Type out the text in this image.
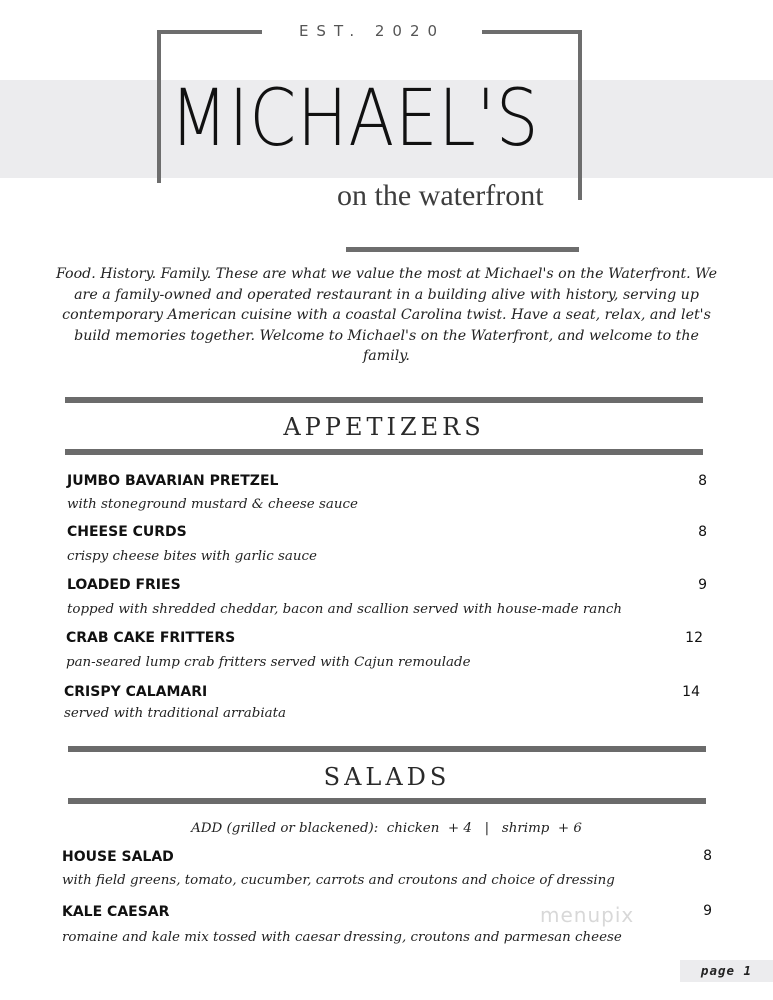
EST. 2020
MICHAEL'S
on the waterfront
Food. History. Family. These are what we value the most at Michael's on the Waterfront. We are a family-owned and operated restaurant in a building alive with history, serving up contemporary American cuisine with a coastal Carolina twist. Have a seat, relax, and let's build memories together. Welcome to Michael's on the Waterfront, and welcome to the family.
APPETIZERS
JUMBO BAVARIAN PRETZEL	8
with stoneground mustard & cheese sauce
CHEESE CURDS	8
crispy cheese bites with garlic sauce
LOADED FRIES	9
topped with shredded cheddar, bacon and scallion served with house-made ranch
CRAB CAKE FRITTERS	12
pan-seared lump crab fritters served with Cajun remoulade
CRISPY CALAMARI	14
served with traditional arrabiata
SALADS
ADD (grilled or blackened):  chicken  + 4   |   shrimp  + 6
HOUSE SALAD	8
with field greens, tomato, cucumber, carrots and croutons and choice of dressing
KALE CAESAR	9
romaine and kale mix tossed with caesar dressing, croutons and parmesan cheese
menupix
page 1
